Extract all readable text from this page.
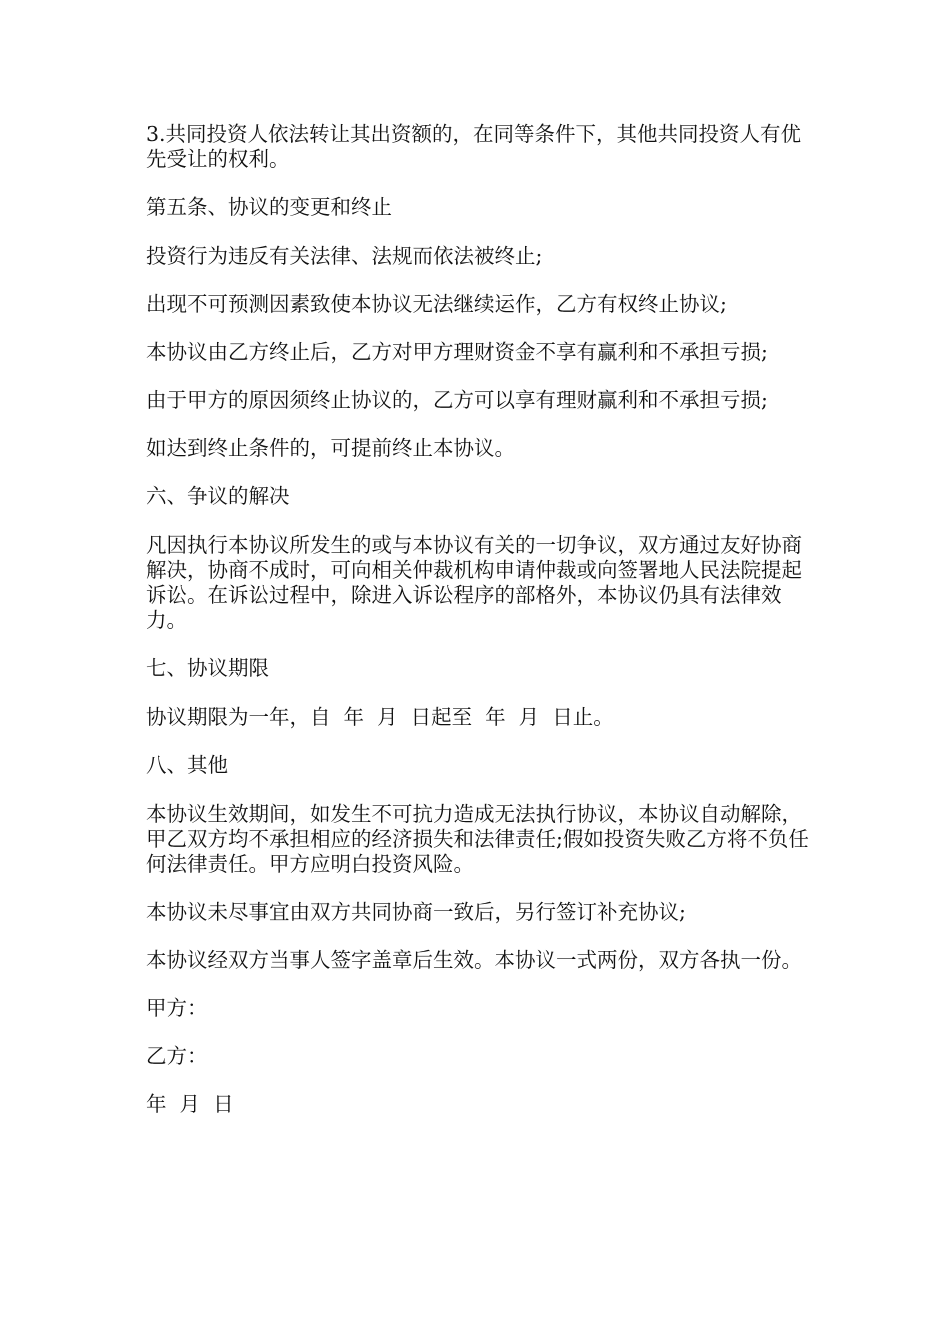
3.共同投资人依法转让其出资额的，在同等条件下，其他共同投资人有优先受让的权利。

第五条、协议的变更和终止

投资行为违反有关法律、法规而依法被终止;

出现不可预测因素致使本协议无法继续运作，乙方有权终止协议;

本协议由乙方终止后，乙方对甲方理财资金不享有赢利和不承担亏损;

由于甲方的原因须终止协议的，乙方可以享有理财赢利和不承担亏损;

如达到终止条件的，可提前终止本协议。

六、争议的解决

凡因执行本协议所发生的或与本协议有关的一切争议，双方通过友好协商解决，协商不成时，可向相关仲裁机构申请仲裁或向签署地人民法院提起诉讼。在诉讼过程中，除进入诉讼程序的部格外，本协议仍具有法律效力。

七、协议期限

协议期限为一年，自  年  月  日起至  年  月  日止。

八、其他

本协议生效期间，如发生不可抗力造成无法执行协议，本协议自动解除，甲乙双方均不承担相应的经济损失和法律责任;假如投资失败乙方将不负任何法律责任。甲方应明白投资风险。

本协议未尽事宜由双方共同协商一致后，另行签订补充协议;

本协议经双方当事人签字盖章后生效。本协议一式两份，双方各执一份。

甲方：

乙方：

年  月  日
